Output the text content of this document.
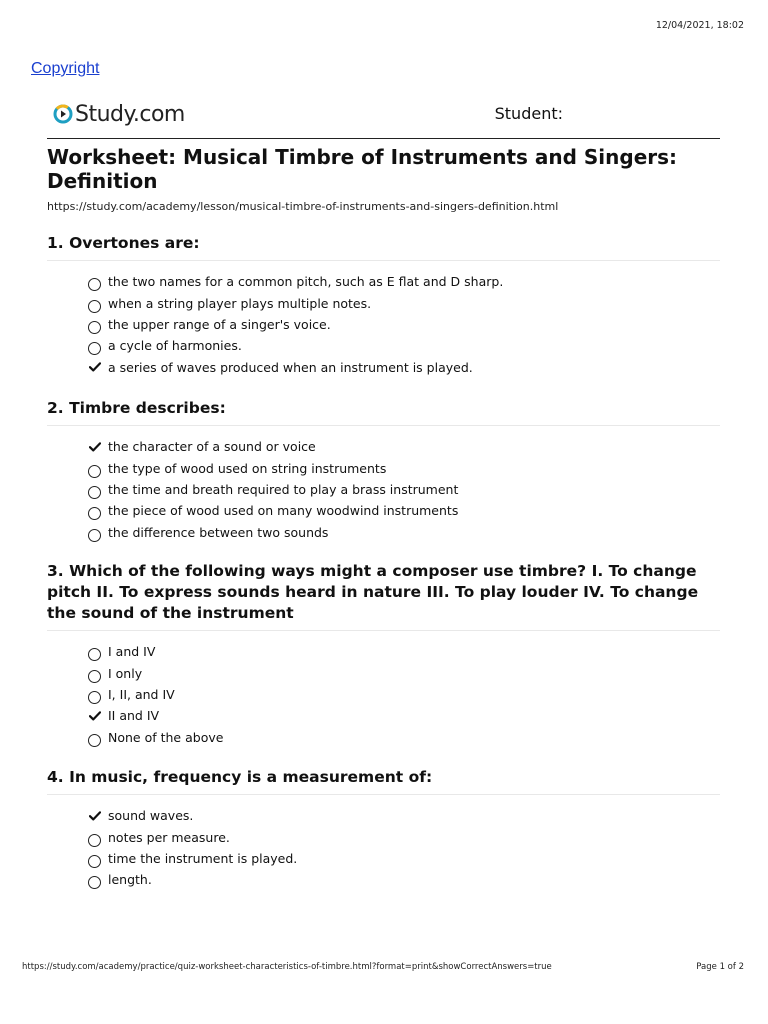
12/04/2021, 18:02
Copyright
Study.com	Student:
Worksheet: Musical Timbre of Instruments and Singers: Definition
https://study.com/academy/lesson/musical-timbre-of-instruments-and-singers-definition.html
1. Overtones are:
the two names for a common pitch, such as E flat and D sharp.
when a string player plays multiple notes.
the upper range of a singer's voice.
a cycle of harmonies.
a series of waves produced when an instrument is played.
2. Timbre describes:
the character of a sound or voice
the type of wood used on string instruments
the time and breath required to play a brass instrument
the piece of wood used on many woodwind instruments
the difference between two sounds
3. Which of the following ways might a composer use timbre? I. To change pitch II. To express sounds heard in nature III. To play louder IV. To change the sound of the instrument
I and IV
I only
I, II, and IV
II and IV
None of the above
4. In music, frequency is a measurement of:
sound waves.
notes per measure.
time the instrument is played.
length.
https://study.com/academy/practice/quiz-worksheet-characteristics-of-timbre.html?format=print&showCorrectAnswers=true	Page 1 of 2
